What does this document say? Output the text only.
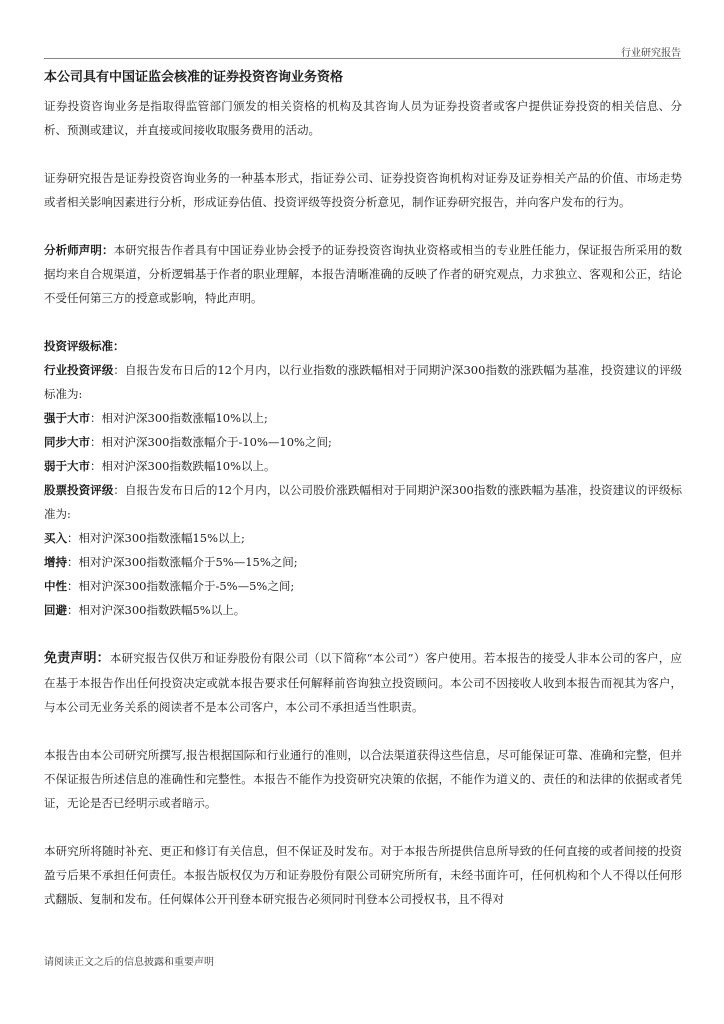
行业研究报告
本公司具有中国证监会核准的证券投资咨询业务资格

证券投资咨询业务是指取得监管部门颁发的相关资格的机构及其咨询人员为证券投资者或客户提供证券投资的相关信息、分析、预测或建议，并直接或间接收取服务费用的活动。

证券研究报告是证券投资咨询业务的一种基本形式，指证券公司、证券投资咨询机构对证券及证券相关产品的价值、市场走势或者相关影响因素进行分析，形成证券估值、投资评级等投资分析意见，制作证券研究报告，并向客户发布的行为。

分析师声明：本研究报告作者具有中国证券业协会授予的证券投资咨询执业资格或相当的专业胜任能力，保证报告所采用的数据均来自合规渠道，分析逻辑基于作者的职业理解，本报告清晰准确的反映了作者的研究观点，力求独立、客观和公正，结论不受任何第三方的授意或影响，特此声明。

投资评级标准：

行业投资评级：自报告发布日后的12个月内，以行业指数的涨跌幅相对于同期沪深300指数的涨跌幅为基准，投资建议的评级标准为:

强于大市：相对沪深300指数涨幅10%以上;

同步大市：相对沪深300指数涨幅介于-10%—10%之间;

弱于大市：相对沪深300指数跌幅10%以上。

股票投资评级：自报告发布日后的12个月内，以公司股价涨跌幅相对于同期沪深300指数的涨跌幅为基准，投资建议的评级标准为:

买入：相对沪深300指数涨幅15%以上;

增持：相对沪深300指数涨幅介于5%—15%之间;

中性：相对沪深300指数涨幅介于-5%—5%之间;

回避：相对沪深300指数跌幅5%以上。

免责声明：本研究报告仅供万和证券股份有限公司（以下简称“本公司”）客户使用。若本报告的接受人非本公司的客户，应在基于本报告作出任何投资决定或就本报告要求任何解释前咨询独立投资顾问。本公司不因接收人收到本报告而视其为客户，与本公司无业务关系的阅读者不是本公司客户，本公司不承担适当性职责。

本报告由本公司研究所撰写,报告根据国际和行业通行的准则，以合法渠道获得这些信息，尽可能保证可靠、准确和完整，但并不保证报告所述信息的准确性和完整性。本报告不能作为投资研究决策的依据，不能作为道义的、责任的和法律的依据或者凭证，无论是否已经明示或者暗示。

本研究所将随时补充、更正和修订有关信息，但不保证及时发布。对于本报告所提供信息所导致的任何直接的或者间接的投资盈亏后果不承担任何责任。本报告版权仅为万和证券股份有限公司研究所所有，未经书面许可，任何机构和个人不得以任何形式翻版、复制和发布。任何媒体公开刊登本研究报告必须同时刊登本公司授权书，且不得对

请阅读正文之后的信息披露和重要声明
